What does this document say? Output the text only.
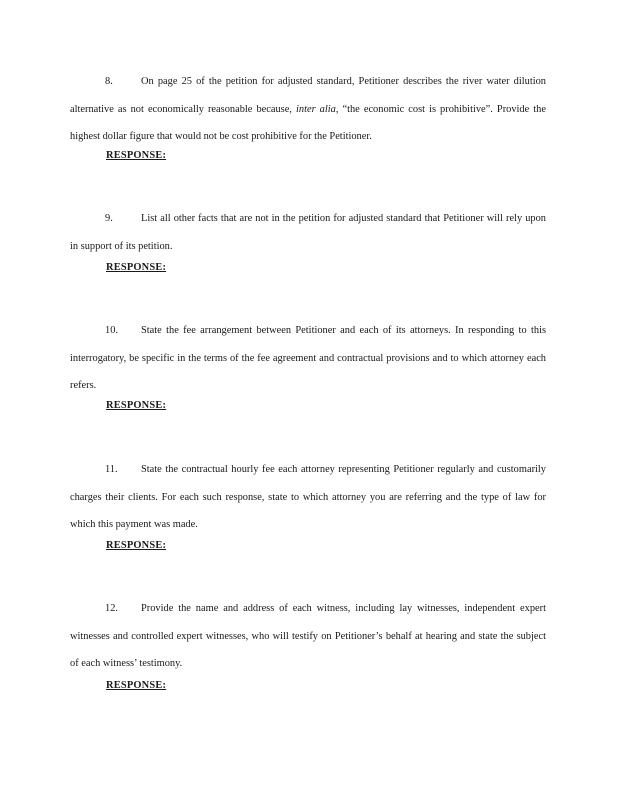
8.	On page 25 of the petition for adjusted standard, Petitioner describes the river water dilution alternative as not economically reasonable because, inter alia, “the economic cost is prohibitive”. Provide the highest dollar figure that would not be cost prohibitive for the Petitioner.
RESPONSE:
9.	List all other facts that are not in the petition for adjusted standard that Petitioner will rely upon in support of its petition.
RESPONSE:
10. State the fee arrangement between Petitioner and each of its attorneys. In responding to this interrogatory, be specific in the terms of the fee agreement and contractual provisions and to which attorney each refers.
RESPONSE:
11. State the contractual hourly fee each attorney representing Petitioner regularly and customarily charges their clients. For each such response, state to which attorney you are referring and the type of law for which this payment was made.
RESPONSE:
12. Provide the name and address of each witness, including lay witnesses, independent expert witnesses and controlled expert witnesses, who will testify on Petitioner’s behalf at hearing and state the subject of each witness’ testimony.
RESPONSE:
